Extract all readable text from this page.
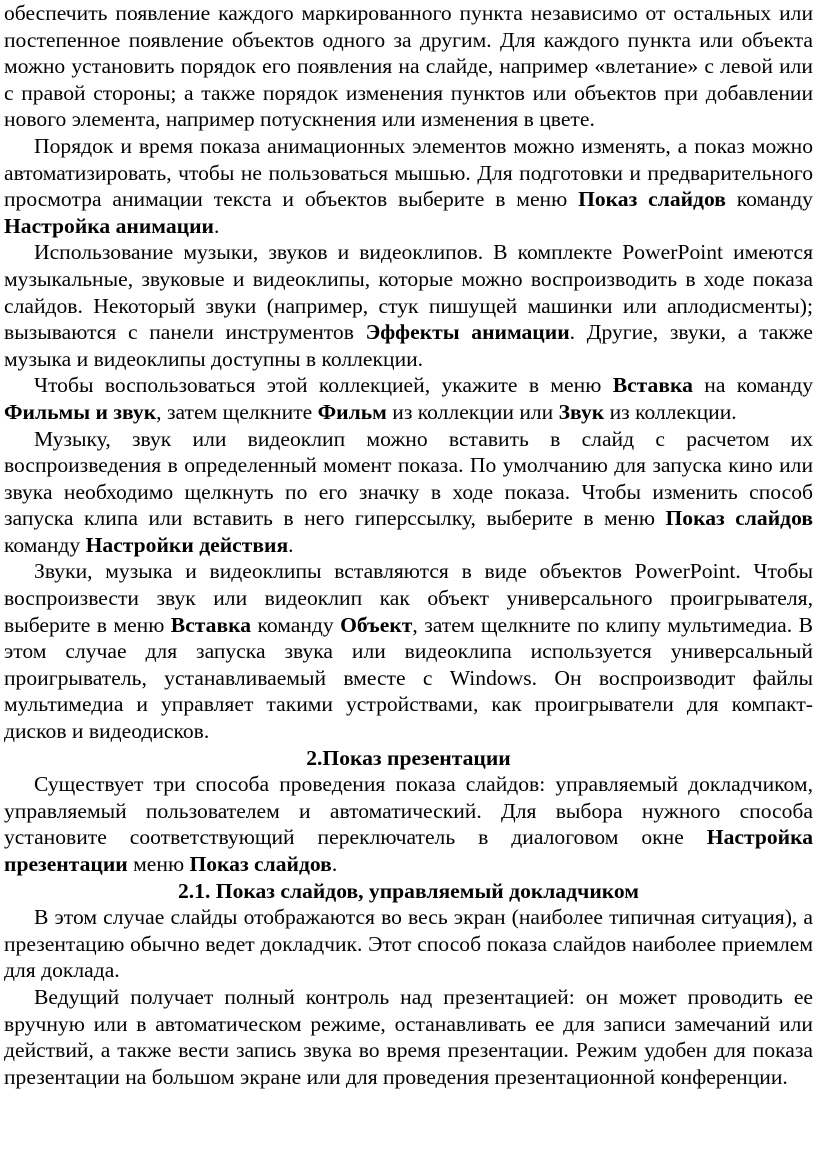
обеспечить появление каждого маркированного пункта независимо от остальных или постепенное появление объектов одного за другим. Для каждого пункта или объекта можно установить порядок его появления на слайде, например «влетание» с левой или с правой стороны; а также порядок изменения пунктов или объектов при добавлении нового элемента, например потускнения или изменения в цвете.

Порядок и время показа анимационных элементов можно изменять, а показ можно автоматизировать, чтобы не пользоваться мышью. Для подготовки и предварительного просмотра анимации текста и объектов выберите в меню Показ слайдов команду Настройка анимации.

Использование музыки, звуков и видеоклипов. В комплекте PowerPoint имеются музыкальные, звуковые и видеоклипы, которые можно воспроизводить в ходе показа слайдов. Некоторый звуки (например, стук пишущей машинки или аплодисменты); вызываются с панели инструментов Эффекты анимации. Другие, звуки, а также музыка и видеоклипы доступны в коллекции.

Чтобы воспользоваться этой коллекцией, укажите в меню Вставка на команду Фильмы и звук, затем щелкните Фильм из коллекции или Звук из коллекции.

Музыку, звук или видеоклип можно вставить в слайд с расчетом их воспроизведения в определенный момент показа. По умолчанию для запуска кино или звука необходимо щелкнуть по его значку в ходе показа. Чтобы изменить способ запуска клипа или вставить в него гиперссылку, выберите в меню Показ слайдов команду Настройки действия.

Звуки, музыка и видеоклипы вставляются в виде объектов PowerPoint. Чтобы воспроизвести звук или видеоклип как объект универсального проигрывателя, выберите в меню Вставка команду Объект, затем щелкните по клипу мультимедиа. В этом случае для запуска звука или видеоклипа используется универсальный проигрыватель, устанавливаемый вместе с Windows. Он воспроизводит файлы мультимедиа и управляет такими устройствами, как проигрыватели для компакт-дисков и видеодисков.

2.Показ презентации

Существует три способа проведения показа слайдов: управляемый докладчиком, управляемый пользователем и автоматический. Для выбора нужного способа установите соответствующий переключатель в диалоговом окне Настройка презентации меню Показ слайдов.

2.1. Показ слайдов, управляемый докладчиком

В этом случае слайды отображаются во весь экран (наиболее типичная ситуация), а презентацию обычно ведет докладчик. Этот способ показа слайдов наиболее приемлем для доклада.

Ведущий получает полный контроль над презентацией: он может проводить ее вручную или в автоматическом режиме, останавливать ее для записи замечаний или действий, а также вести запись звука во время презентации. Режим удобен для показа презентации на большом экране или для проведения презентационной конференции.
